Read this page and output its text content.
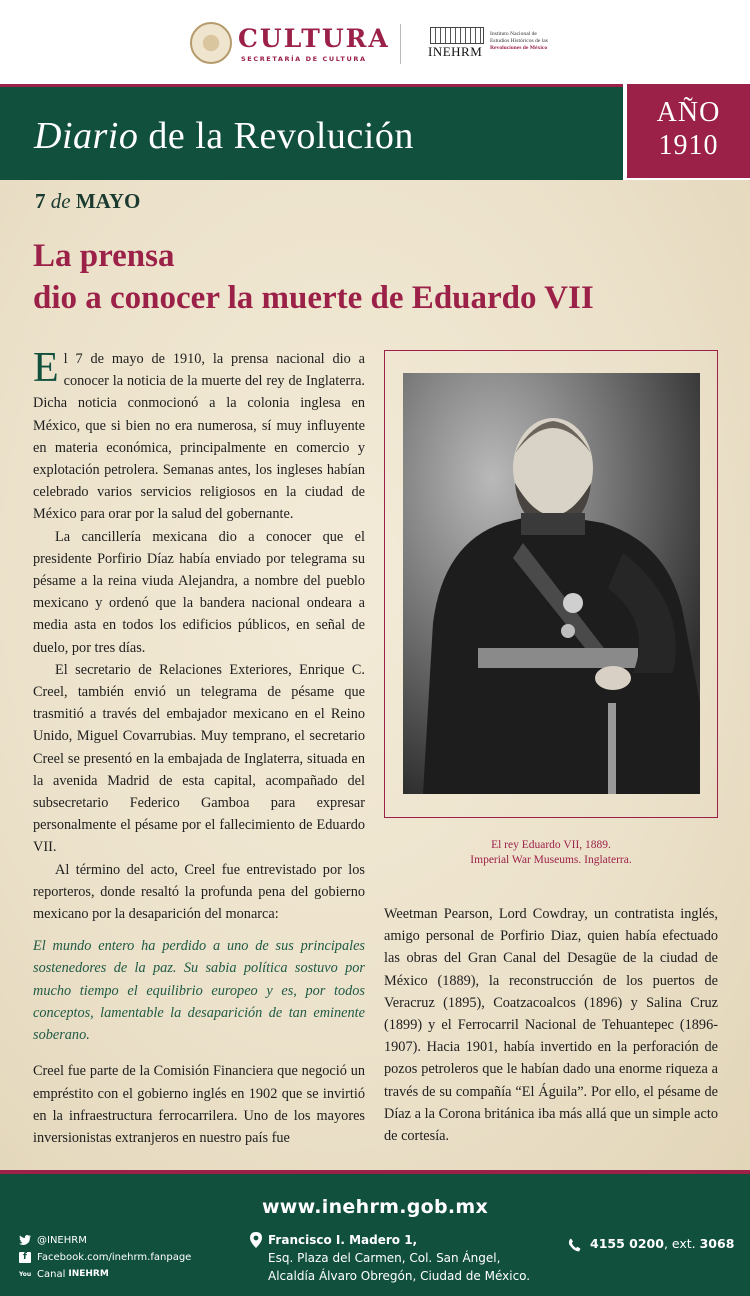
CULTURA
SECRETARÍA DE CULTURA	INEHRM
Instituto Nacional de
Estudios Históricos de las
Revoluciones de México
Diario de la Revolución
AÑO
1910
7 de MAYO
La prensa
dio a conocer la muerte de Eduardo VII

El 7 de mayo de 1910, la prensa nacional dio a conocer la noticia de la muerte del rey de Inglaterra. Dicha noticia conmocionó a la colonia inglesa en México, que si bien no era numerosa, sí muy influyente en materia económica, principalmente en comercio y explotación petrolera. Semanas antes, los ingleses habían celebrado varios servicios religiosos en la ciudad de México para orar por la salud del gobernante.

La cancillería mexicana dio a conocer que el presidente Porfirio Díaz había enviado por telegrama su pésame a la reina viuda Alejandra, a nombre del pueblo mexicano y ordenó que la bandera nacional ondeara a media asta en todos los edificios públicos, en señal de duelo, por tres días.

El secretario de Relaciones Exteriores, Enrique C. Creel, también envió un telegrama de pésame que trasmitió a través del embajador mexicano en el Reino Unido, Miguel Covarrubias. Muy temprano, el secretario Creel se presentó en la embajada de Inglaterra, situada en la avenida Madrid de esta capital, acompañado del subsecretario Federico Gamboa para expresar personalmente el pésame por el fallecimiento de Eduardo VII.

Al término del acto, Creel fue entrevistado por los reporteros, donde resaltó la profunda pena del gobierno mexicano por la desaparición del monarca:

El mundo entero ha perdido a uno de sus principales sostenedores de la paz. Su sabia política sostuvo por mucho tiempo el equilibrio europeo y es, por todos conceptos, lamentable la desaparición de tan eminente soberano.

Creel fue parte de la Comisión Financiera que negoció un empréstito con el gobierno inglés en 1902 que se invirtió en la infraestructura ferrocarrilera. Uno de los mayores inversionistas extranjeros en nuestro país fue

El rey Eduardo VII, 1889.
Imperial War Museums. Inglaterra.

Weetman Pearson, Lord Cowdray, un contratista inglés, amigo personal de Porfirio Diaz, quien había efectuado las obras del Gran Canal del Desagüe de la ciudad de México (1889), la reconstrucción de los puertos de Veracruz (1895), Coatzacoalcos (1896) y Salina Cruz (1899) y el Ferrocarril Nacional de Tehuantepec (1896-1907). Hacia 1901, había invertido en la perforación de pozos petroleros que le habían dado una enorme riqueza a través de su compañía “El Águila”. Por ello, el pésame de Díaz a la Corona británica iba más allá que un simple acto de cortesía.

www.inehrm.gob.mx
@INEHRM
f	Facebook.com/inehrm.fanpage
You Canal INEHRM
Francisco I. Madero 1,
Esq. Plaza del Carmen, Col. San Ángel,
Alcaldía Álvaro Obregón, Ciudad de México.
4155 0200, ext. 3068
